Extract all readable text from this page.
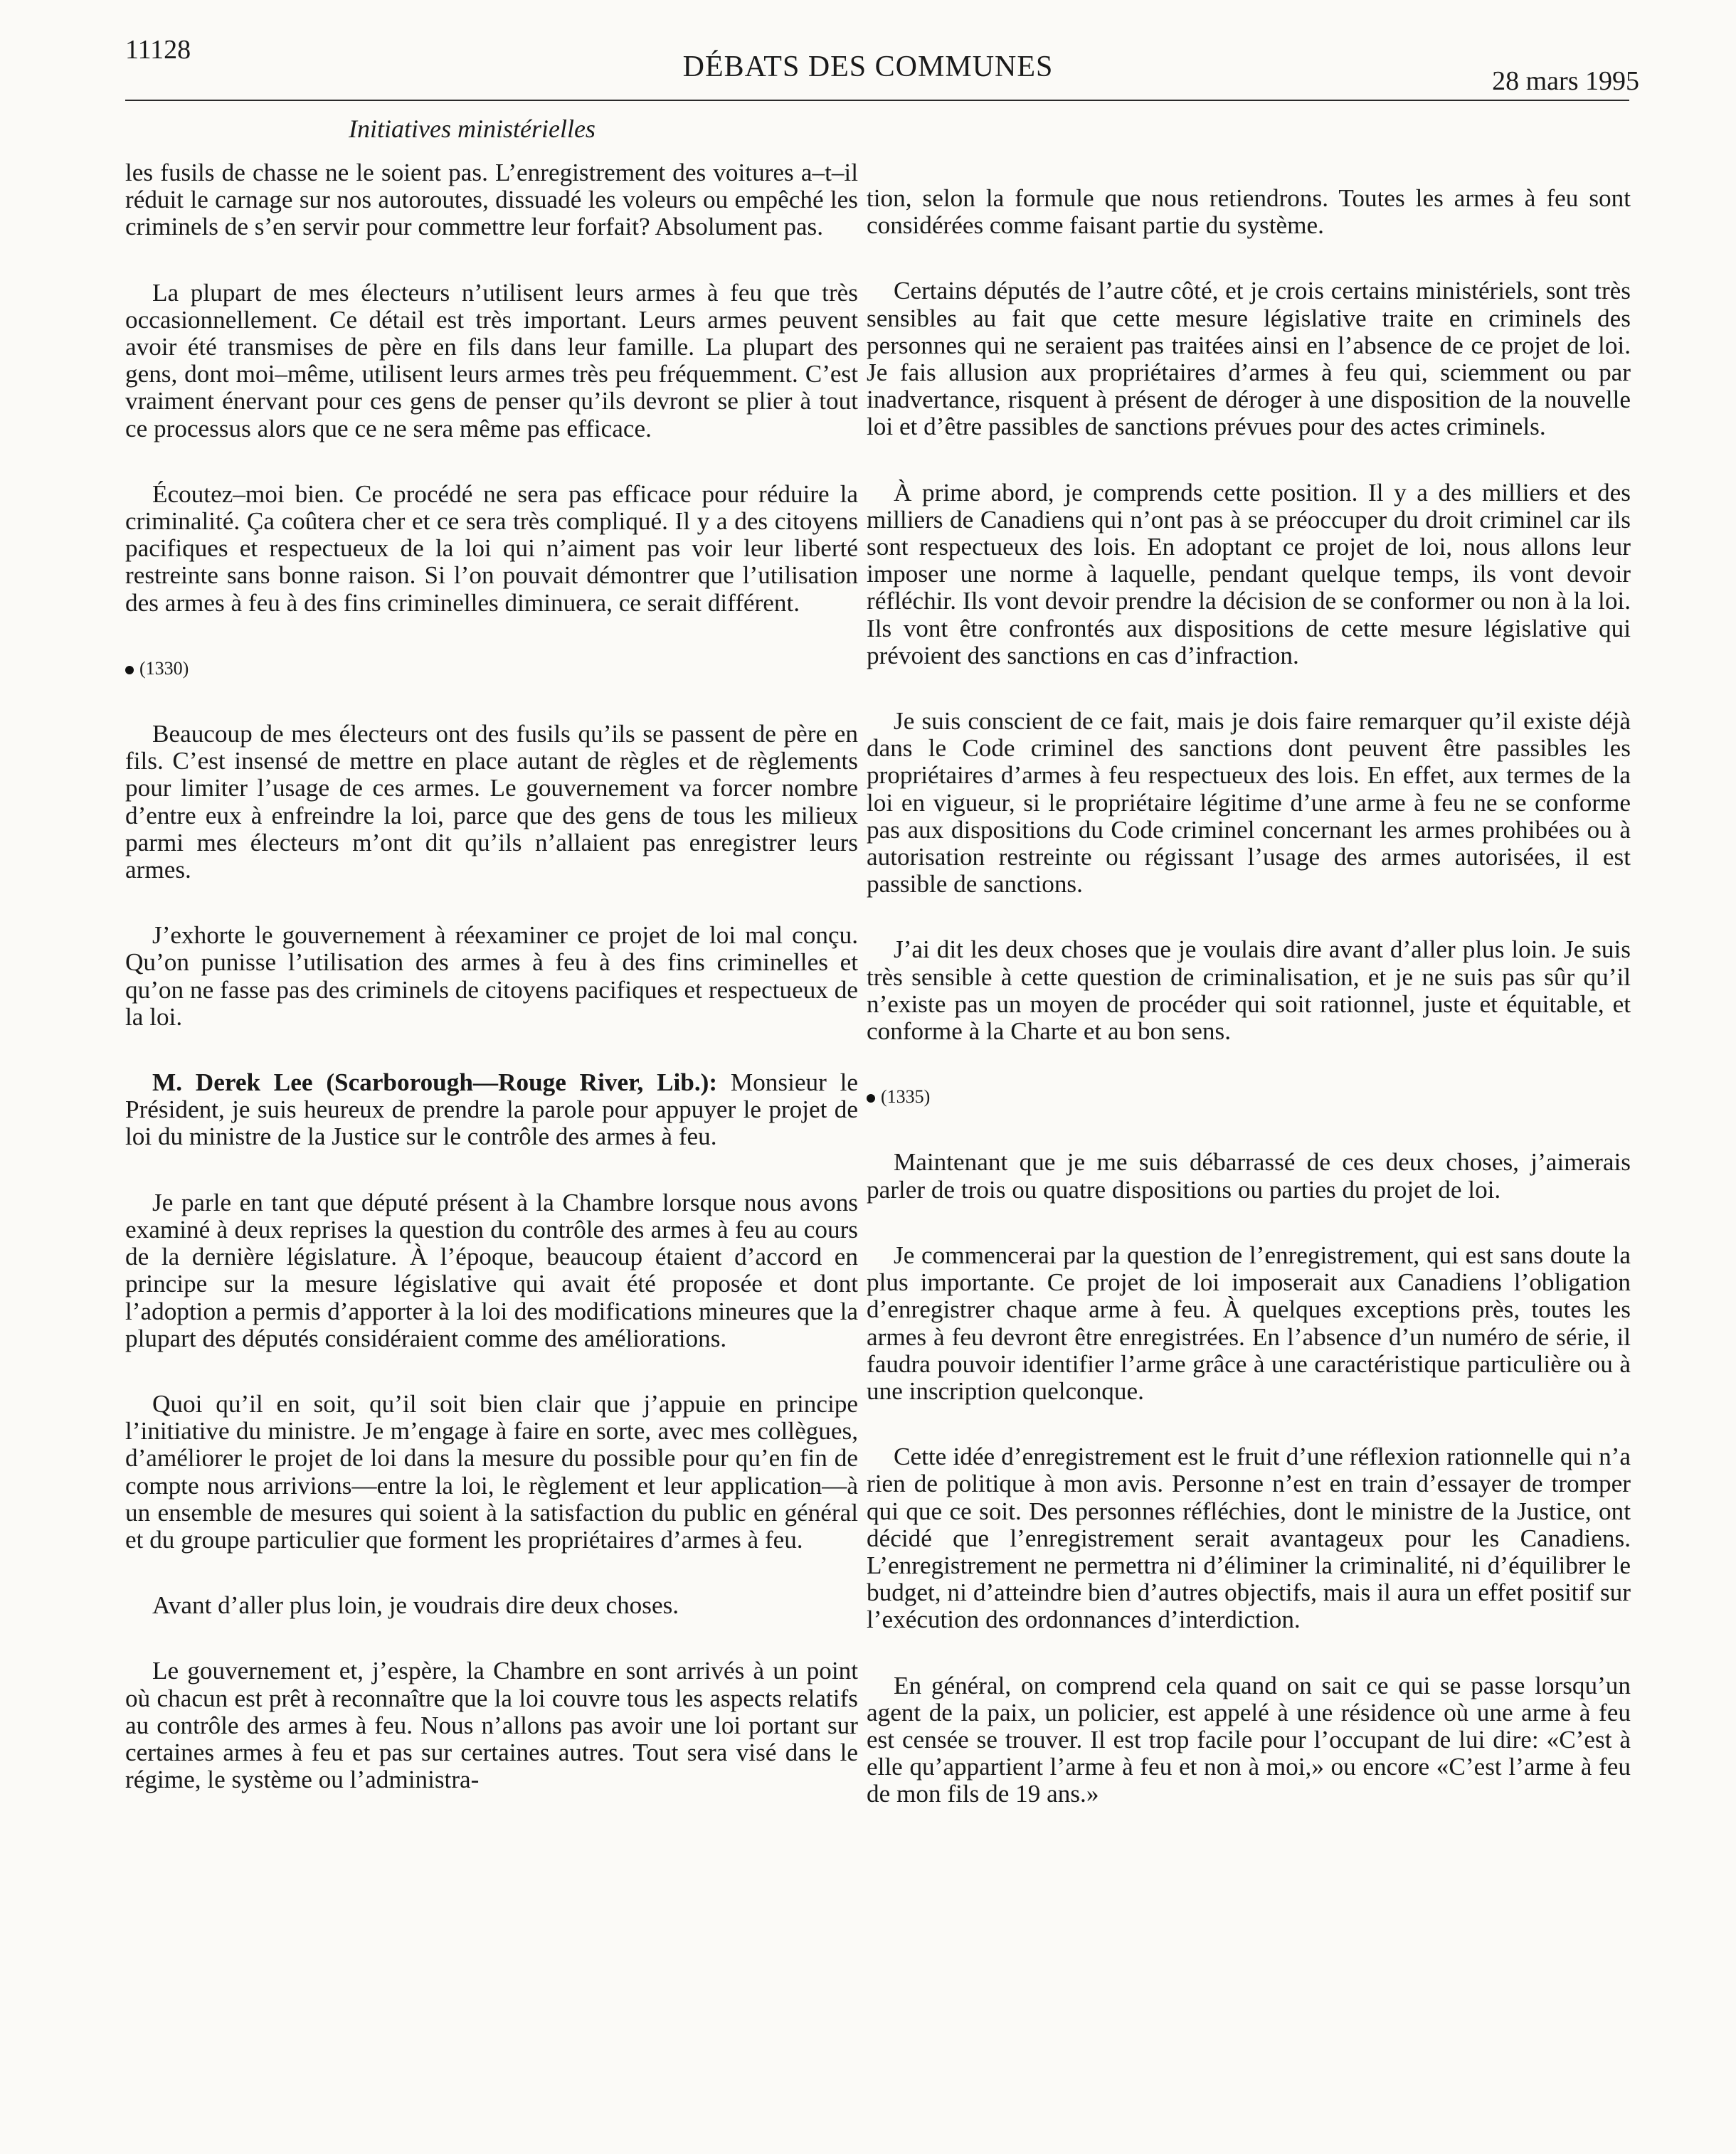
11128
DÉBATS DES COMMUNES	28 mars 1995
Initiatives ministérielles

les fusils de chasse ne le soient pas. L’enregistrement des voitures a–t–il réduit le carnage sur nos autoroutes, dissuadé les voleurs ou empêché les criminels de s’en servir pour commettre leur forfait? Absolument pas.

La plupart de mes électeurs n’utilisent leurs armes à feu que très occasionnellement. Ce détail est très important. Leurs armes peuvent avoir été transmises de père en fils dans leur famille. La plupart des gens, dont moi–même, utilisent leurs armes très peu fréquemment. C’est vraiment énervant pour ces gens de penser qu’ils devront se plier à tout ce processus alors que ce ne sera même pas efficace.

Écoutez–moi bien. Ce procédé ne sera pas efficace pour réduire la criminalité. Ça coûtera cher et ce sera très compliqué. Il y a des citoyens pacifiques et respectueux de la loi qui n’aiment pas voir leur liberté restreinte sans bonne raison. Si l’on pouvait démontrer que l’utilisation des armes à feu à des fins criminelles diminuera, ce serait différent.

(1330)

Beaucoup de mes électeurs ont des fusils qu’ils se passent de père en fils. C’est insensé de mettre en place autant de règles et de règlements pour limiter l’usage de ces armes. Le gouvernement va forcer nombre d’entre eux à enfreindre la loi, parce que des gens de tous les milieux parmi mes électeurs m’ont dit qu’ils n’allaient pas enregistrer leurs armes.

J’exhorte le gouvernement à réexaminer ce projet de loi mal conçu. Qu’on punisse l’utilisation des armes à feu à des fins criminelles et qu’on ne fasse pas des criminels de citoyens pacifiques et respectueux de la loi.

M. Derek Lee (Scarborough—Rouge River, Lib.): Monsieur le Président, je suis heureux de prendre la parole pour appuyer le projet de loi du ministre de la Justice sur le contrôle des armes à feu.

Je parle en tant que député présent à la Chambre lorsque nous avons examiné à deux reprises la question du contrôle des armes à feu au cours de la dernière législature. À l’époque, beaucoup étaient d’accord en principe sur la mesure législative qui avait été proposée et dont l’adoption a permis d’apporter à la loi des modifications mineures que la plupart des députés considéraient comme des améliorations.

Quoi qu’il en soit, qu’il soit bien clair que j’appuie en principe l’initiative du ministre. Je m’engage à faire en sorte, avec mes collègues, d’améliorer le projet de loi dans la mesure du possible pour qu’en fin de compte nous arrivions—entre la loi, le règlement et leur application—à un ensemble de mesures qui soient à la satisfaction du public en général et du groupe particulier que forment les propriétaires d’armes à feu.

Avant d’aller plus loin, je voudrais dire deux choses.

Le gouvernement et, j’espère, la Chambre en sont arrivés à un point où chacun est prêt à reconnaître que la loi couvre tous les aspects relatifs au contrôle des armes à feu. Nous n’allons pas avoir une loi portant sur certaines armes à feu et pas sur certaines autres. Tout sera visé dans le régime, le système ou l’administra-

tion, selon la formule que nous retiendrons. Toutes les armes à feu sont considérées comme faisant partie du système.

Certains députés de l’autre côté, et je crois certains ministériels, sont très sensibles au fait que cette mesure législative traite en criminels des personnes qui ne seraient pas traitées ainsi en l’absence de ce projet de loi. Je fais allusion aux propriétaires d’armes à feu qui, sciemment ou par inadvertance, risquent à présent de déroger à une disposition de la nouvelle loi et d’être passibles de sanctions prévues pour des actes criminels.

À prime abord, je comprends cette position. Il y a des milliers et des milliers de Canadiens qui n’ont pas à se préoccuper du droit criminel car ils sont respectueux des lois. En adoptant ce projet de loi, nous allons leur imposer une norme à laquelle, pendant quelque temps, ils vont devoir réfléchir. Ils vont devoir prendre la décision de se conformer ou non à la loi. Ils vont être confrontés aux dispositions de cette mesure législative qui prévoient des sanctions en cas d’infraction.

Je suis conscient de ce fait, mais je dois faire remarquer qu’il existe déjà dans le Code criminel des sanctions dont peuvent être passibles les propriétaires d’armes à feu respectueux des lois. En effet, aux termes de la loi en vigueur, si le propriétaire légitime d’une arme à feu ne se conforme pas aux dispositions du Code criminel concernant les armes prohibées ou à autorisation restreinte ou régissant l’usage des armes autorisées, il est passible de sanctions.

J’ai dit les deux choses que je voulais dire avant d’aller plus loin. Je suis très sensible à cette question de criminalisation, et je ne suis pas sûr qu’il n’existe pas un moyen de procéder qui soit rationnel, juste et équitable, et conforme à la Charte et au bon sens.

(1335)

Maintenant que je me suis débarrassé de ces deux choses, j’aimerais parler de trois ou quatre dispositions ou parties du projet de loi.

Je commencerai par la question de l’enregistrement, qui est sans doute la plus importante. Ce projet de loi imposerait aux Canadiens l’obligation d’enregistrer chaque arme à feu. À quelques exceptions près, toutes les armes à feu devront être enregistrées. En l’absence d’un numéro de série, il faudra pouvoir identifier l’arme grâce à une caractéristique particulière ou à une inscription quelconque.

Cette idée d’enregistrement est le fruit d’une réflexion rationnelle qui n’a rien de politique à mon avis. Personne n’est en train d’essayer de tromper qui que ce soit. Des personnes réfléchies, dont le ministre de la Justice, ont décidé que l’enregistrement serait avantageux pour les Canadiens. L’enregistrement ne permettra ni d’éliminer la criminalité, ni d’équilibrer le budget, ni d’atteindre bien d’autres objectifs, mais il aura un effet positif sur l’exécution des ordonnances d’interdiction.

En général, on comprend cela quand on sait ce qui se passe lorsqu’un agent de la paix, un policier, est appelé à une résidence où une arme à feu est censée se trouver. Il est trop facile pour l’occupant de lui dire: «C’est à elle qu’appartient l’arme à feu et non à moi,» ou encore «C’est l’arme à feu de mon fils de 19 ans.»
